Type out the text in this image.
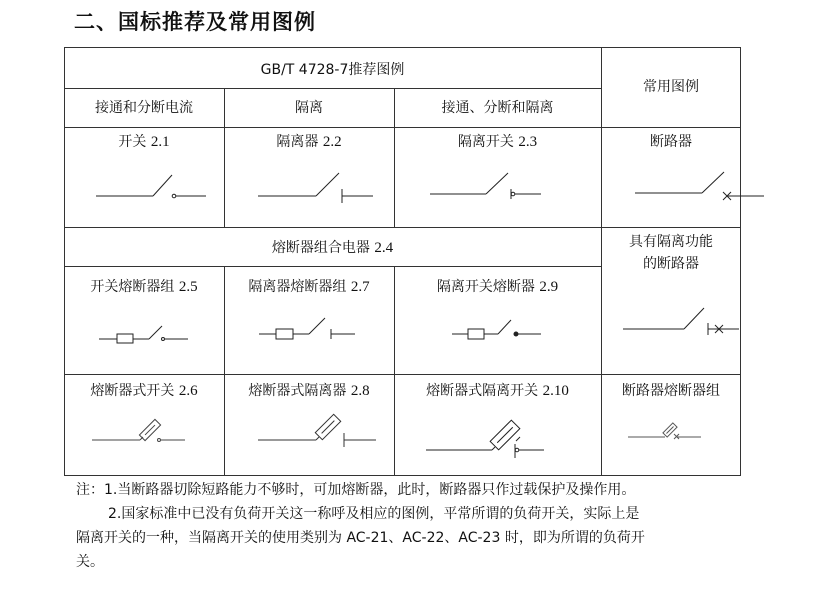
二、国标推荐及常用图例
GB/T 4728-7推荐图例
常用图例
接通和分断电流	隔离	接通、分断和隔离
开关 2.1	隔离器 2.2	隔离开关 2.3	断路器
熔断器组合电器 2.4	具有隔离功能
的断路器
开关熔断器组 2.5	隔离器熔断器组 2.7	隔离开关熔断器 2.9
熔断器式开关 2.6	熔断器式隔离器 2.8	熔断器式隔离开关 2.10	断路器熔断器组

注：1.当断路器切除短路能力不够时，可加熔断器，此时，断路器只作过载保护及操作用。

2.国家标准中已没有负荷开关这一称呼及相应的图例，平常所谓的负荷开关，实际上是

隔离开关的一种，当隔离开关的使用类别为 AC-21、AC-22、AC-23 时，即为所谓的负荷开

关。
